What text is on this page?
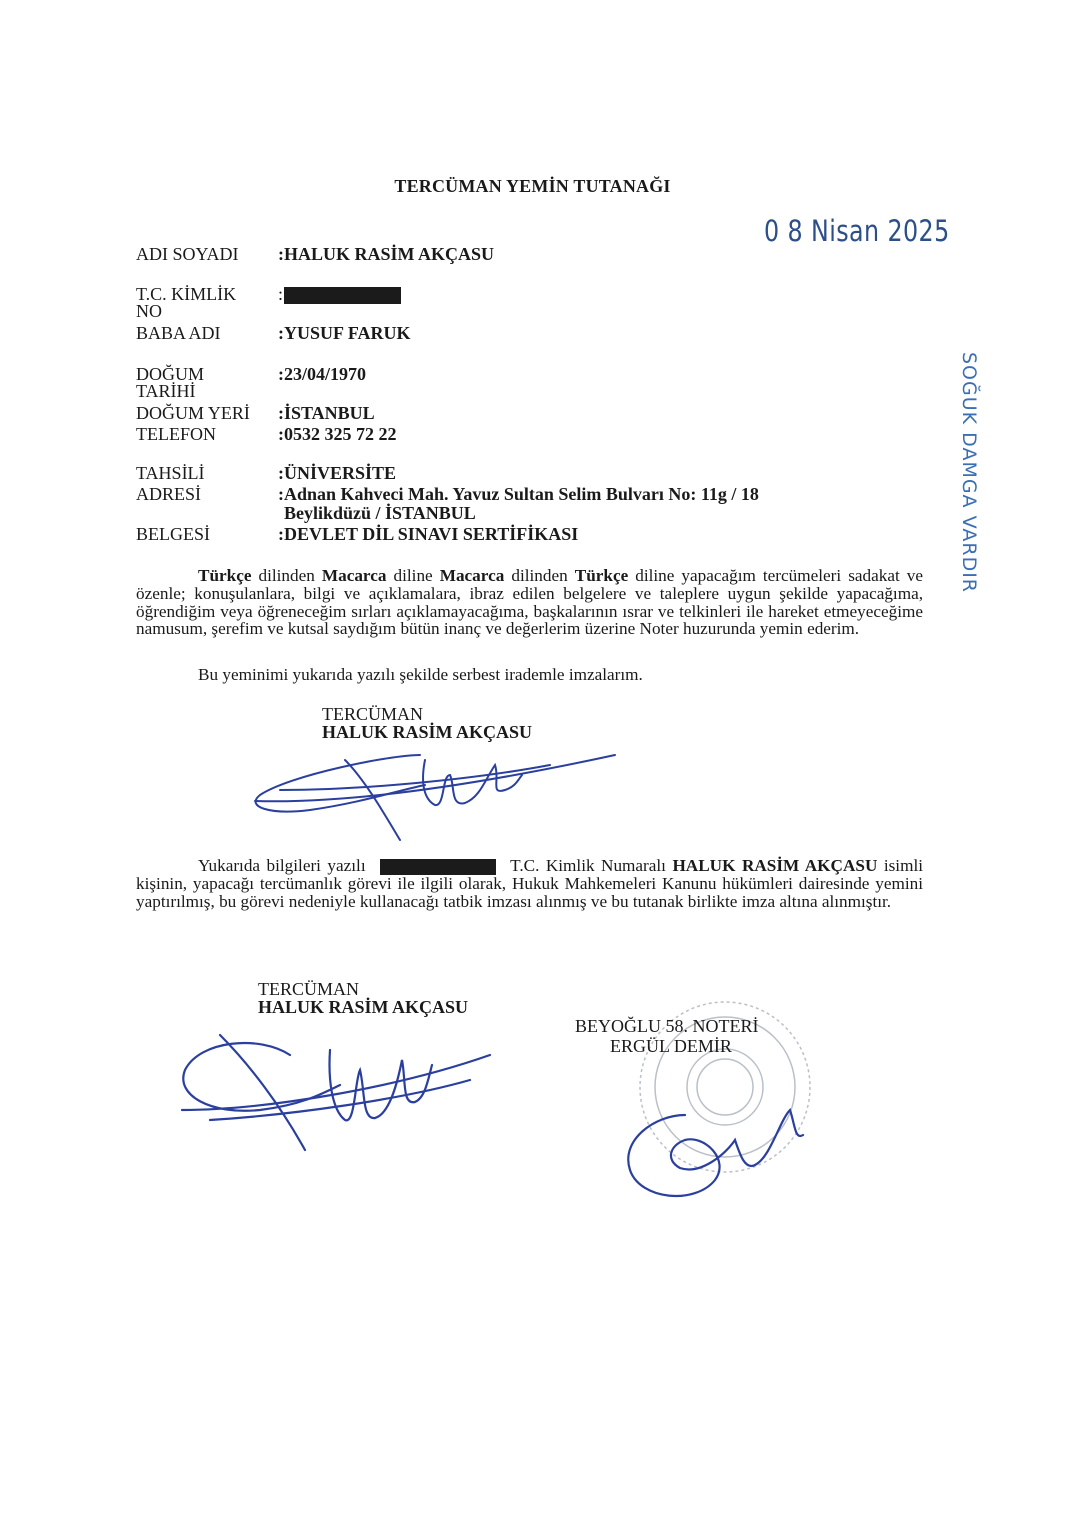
TERCÜMAN YEMİN TUTANAĞI
0 8 Nisan 2025
ADI SOYADI :HALUK RASİM AKÇASU
T.C. KİMLİK
NO
:
BABA ADI	:YUSUF FARUK
DOĞUM
TARİHİ
:23/04/1970
DOĞUM YERİ :İSTANBUL
TELEFON	:0532 325 72 22
TAHSİLİ	:ÜNİVERSİTE
ADRESİ	:Adnan Kahveci Mah. Yavuz Sultan Selim Bulvarı No: 11g / 18
Beylikdüzü / İSTANBUL
BELGESİ	:DEVLET DİL SINAVI SERTİFİKASI
Türkçe dilinden Macarca diline Macarca dilinden Türkçe diline yapacağım tercümeleri sadakat ve özenle; konuşulanlara, bilgi ve açıklamalara, ibraz edilen belgelere ve taleplere uygun şekilde yapacağıma, öğrendiğim veya öğreneceğim sırları açıklamayacağıma, başkalarının ısrar ve telkinleri ile hareket etmeyeceğime namusum, şerefim ve kutsal saydığım bütün inanç ve değerlerim üzerine Noter huzurunda yemin ederim.
Bu yeminimi yukarıda yazılı şekilde serbest irademle imzalarım.
TERCÜMAN
HALUK RASİM AKÇASU
Yukarıda bilgileri yazılı	T.C. Kimlik Numaralı HALUK RASİM AKÇASU isimli kişinin, yapacağı tercümanlık görevi ile ilgili olarak, Hukuk Mahkemeleri Kanunu hükümleri dairesinde yemini yaptırılmış, bu görevi nedeniyle kullanacağı tatbik imzası alınmış ve bu tutanak birlikte imza altına alınmıştır.
TERCÜMAN
HALUK RASİM AKÇASU
BEYOĞLU 58. NOTERİ
ERGÜL DEMİR
SOĞUK DAMGA VARDIR
